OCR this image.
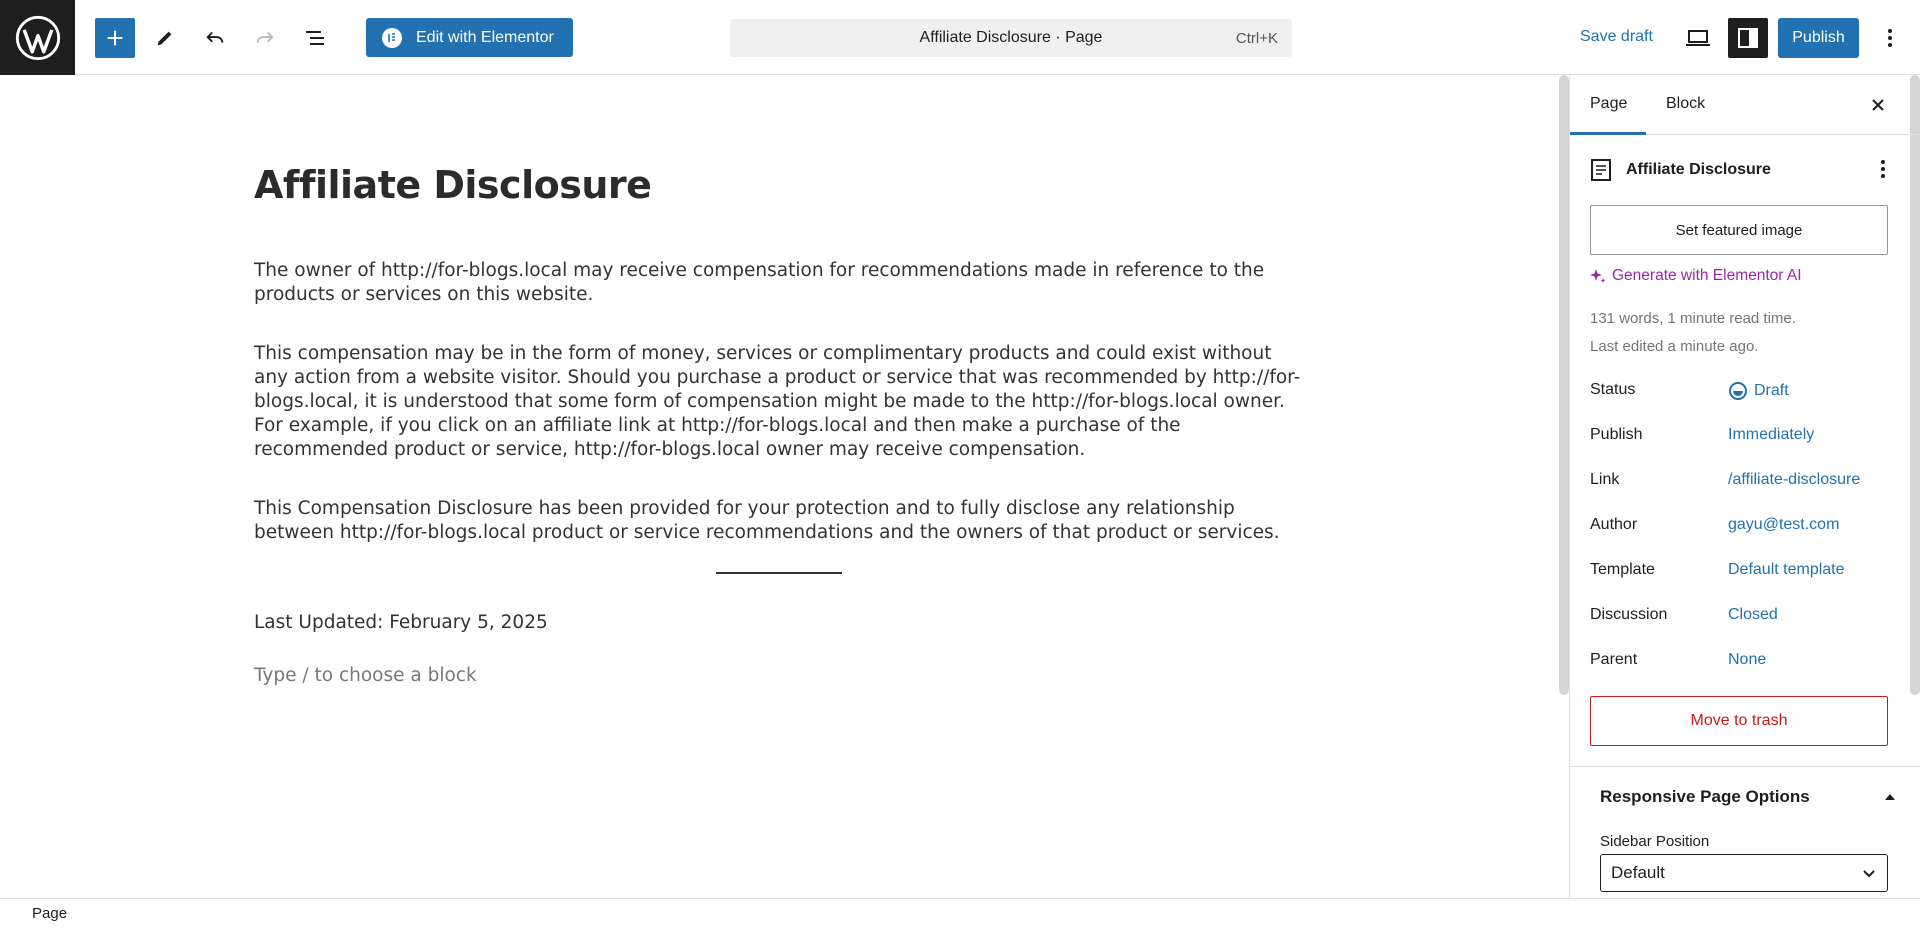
Edit with Elementor	Affiliate Disclosure · Page	Ctrl+K	Save draft	Publish
Affiliate Disclosure

The owner of http://for-blogs.local may receive compensation for recommendations made in reference to the products or services on this website.

This compensation may be in the form of money, services or complimentary products and could exist without any action from a website visitor. Should you purchase a product or service that was recommended by http://for-blogs.local, it is understood that some form of compensation might be made to the http://for-blogs.local owner. For example, if you click on an affiliate link at http://for-blogs.local and then make a purchase of the recommended product or service, http://for-blogs.local owner may receive compensation.

This Compensation Disclosure has been provided for your protection and to fully disclose any relationship between http://for-blogs.local product or service recommendations and the owners of that product or services.

Last Updated: February 5, 2025

Type / to choose a block

Page Block
Affiliate Disclosure
Set featured image
Generate with Elementor AI
131 words, 1 minute read time.
Last edited a minute ago.
Status	Draft
Publish	Immediately
Link	/affiliate-disclosure
Author	gayu@test.com
Template	Default template
Discussion	Closed
Parent	None
Move to trash
Responsive Page Options
Sidebar Position
Default
Page
